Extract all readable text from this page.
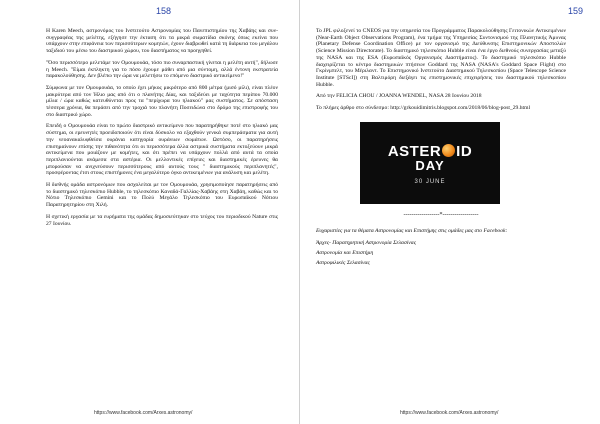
158

Η Karen Meech, αστρονόμος του Ινστιτούτο Αστρονομίας του Πανεπιστημίου της Χαβάης και συν-συγγραφέας της μελέτης, εξήγησε την έκταση ότι τα μικρά σωματίδια σκόνης όπως εκείνα που υπάρχουν στην επιφάνεια των περισσότερων κομητών, έχουν διαβρωθεί κατά τη διάρκεια του μεγάλου ταξιδιού του μέσω του διαστρικού χώρου, του διαστήματος να προηγηθεί.

"Όσο περισσότερο μελετάμε τον Ομουμουάα, τόσο πιο συναρπαστική γίνεται η μελέτη αυτή", δήλωσε η Meech. "Είμαι έκπληκτη για το πόσο έχουμε μάθει από μια σύντομη, αλλά έντονη εκστρατεία παρακολούθησης. Δεν βλέπω την ώρα να μελετήσω το επόμενο διαστρικό αντικείμενο!"

Σύμφωνα με τον Ομουμουάα, το οποίο έχει μήκος μικρότερο από 800 μέτρα (μισό μίλι), είναι πλέον μακρύτερα από τον Ήλιο μας από ότι ο πλανήτης Δίας, και ταξιδεύει με ταχύτητα περίπου 70.000 μίλια / ώρα καθώς κατευθύνεται προς τα "περίχωρα του ηλιακού" μας συστήματος. Σε απόσταση τέσσερα χρόνια, θα περάσει από την τροχιά του πλανήτη Ποσειδώνα στο δρόμο της επιστροφής του στο διαστρικό χώρο.

Επειδή ο Ομουμουάα είναι το πρώτο διαστρικό αντικείμενο που παρατηρήθηκε ποτέ στο ηλιακό μας σύστημα, οι ερευνητές προειδοποιούν ότι είναι δύσκολο να εξαχθούν γενικά συμπεράσματα για αυτή την νεοανακαλυφθείσα ουράνια κατηγορία ουράνιων σωμάτων. Ωστόσο, οι παρατηρήσεις επισημαίνουν επίσης την πιθανότητα ότι οι περισσότερα άλλα αστρικά συστήματα εκτοξεύουν μικρά αντικείμενα που μοιάζουν με κομήτες, και ότι πρέπει να υπάρχουν πολλά από αυτά τα οποία περιπλανιούνται ανάμεσα στα αστέρια. Οι μελλοντικές επίγειες και διαστημικές έρευνες θα μπορούσαν να ανιχνεύσουν περισσότερους από αυτούς τους " διαστημικούς περιπλανητές", προσφέροντας έτσι στους επιστήμονες ένα μεγαλύτερο όγκο αντικειμένων για ανάλυση και μελέτη.

Η διεθνής ομάδα αστρονόμων που ασχολείται με τον Ομουμουάα, χρησιμοποίησε παρατηρήσεις από το διαστημικό τηλεσκόπιο Hubble, το τηλεσκόπιο Καναδά-Γαλλίας-Χαβάης στη Χαβάη, καθώς και το Νότιο Τηλεσκόπιο Gemini και το Πολύ Μεγάλο Τηλεσκόπιο του Ευρωπαϊκού Νότιου Παρατηρητηρίου στη Χιλή.

Η σχετική εργασία με τα ευρήματα της ομάδας δημοσιεύτηκαν στο τεύχος του περιοδικού Nature στις 27 Ιουνίου.

https://www.facebook.com/Arxes.astronomy/
159

Το JPL φιλοξενεί το CNEOS για την υπηρεσία του Προγράμματος Παρακολούθησης Γειτονικών Αντικειμένων (Near-Earth Object Observations Program), ένα τμήμα της Υπηρεσίας Συντονισμού της Πλανητικής Άμυνας (Planetary Defense Coordination Office) με τον οργανισμό της Διεύθυνσης Επιστημονικών Αποστολών (Science Mission Directorate). Το διαστημικό τηλεσκόπιο Hubble είναι ένα έργο διεθνούς συνεργασίας μεταξύ της NASA και της ESA (Ευρωπαϊκός Οργανισμός Διαστήματος). Το διαστημικό τηλεσκόπιο Hubble διαχειρίζεται το κέντρο διαστημικών πτήσεων Goddard της NASA (NASA's Goddard Space Flight) στο Γκρίνμπελτ, του Μέριλαντ. Το Επιστημονικό Ινστιτούτο Διαστημικού Τηλεσκοπίου (Space Telescope Science Institute [STScI]) στη Βαλτιμόρη διεξάγει τις επιστημονικές επιχειρήσεις του διαστημικού τηλεσκοπίου Hubble.

Από την FELICIA CHOU / JOANNA WENDEL, NASA 28 Ιουνίου 2018

Το πλήρες άρθρο στο σύνδεσμο: http://grkouidimitris.blogspot.com/2018/06/blog-post_29.html

ASTER ID
DAY
30 JUNE
------------------*------------------

Ευχαριστίες για τα θέματα Αστρονομίας και Επιστήμης στις ομάδες μας στο Facebook:

Άρχες- Παρατηρητική Αστρονομία Σελασίνας

Αστρονομία και Επιστήμη

Αστροφιλικές Σελασίνας

https://www.facebook.com/Arxes.astronomy/
